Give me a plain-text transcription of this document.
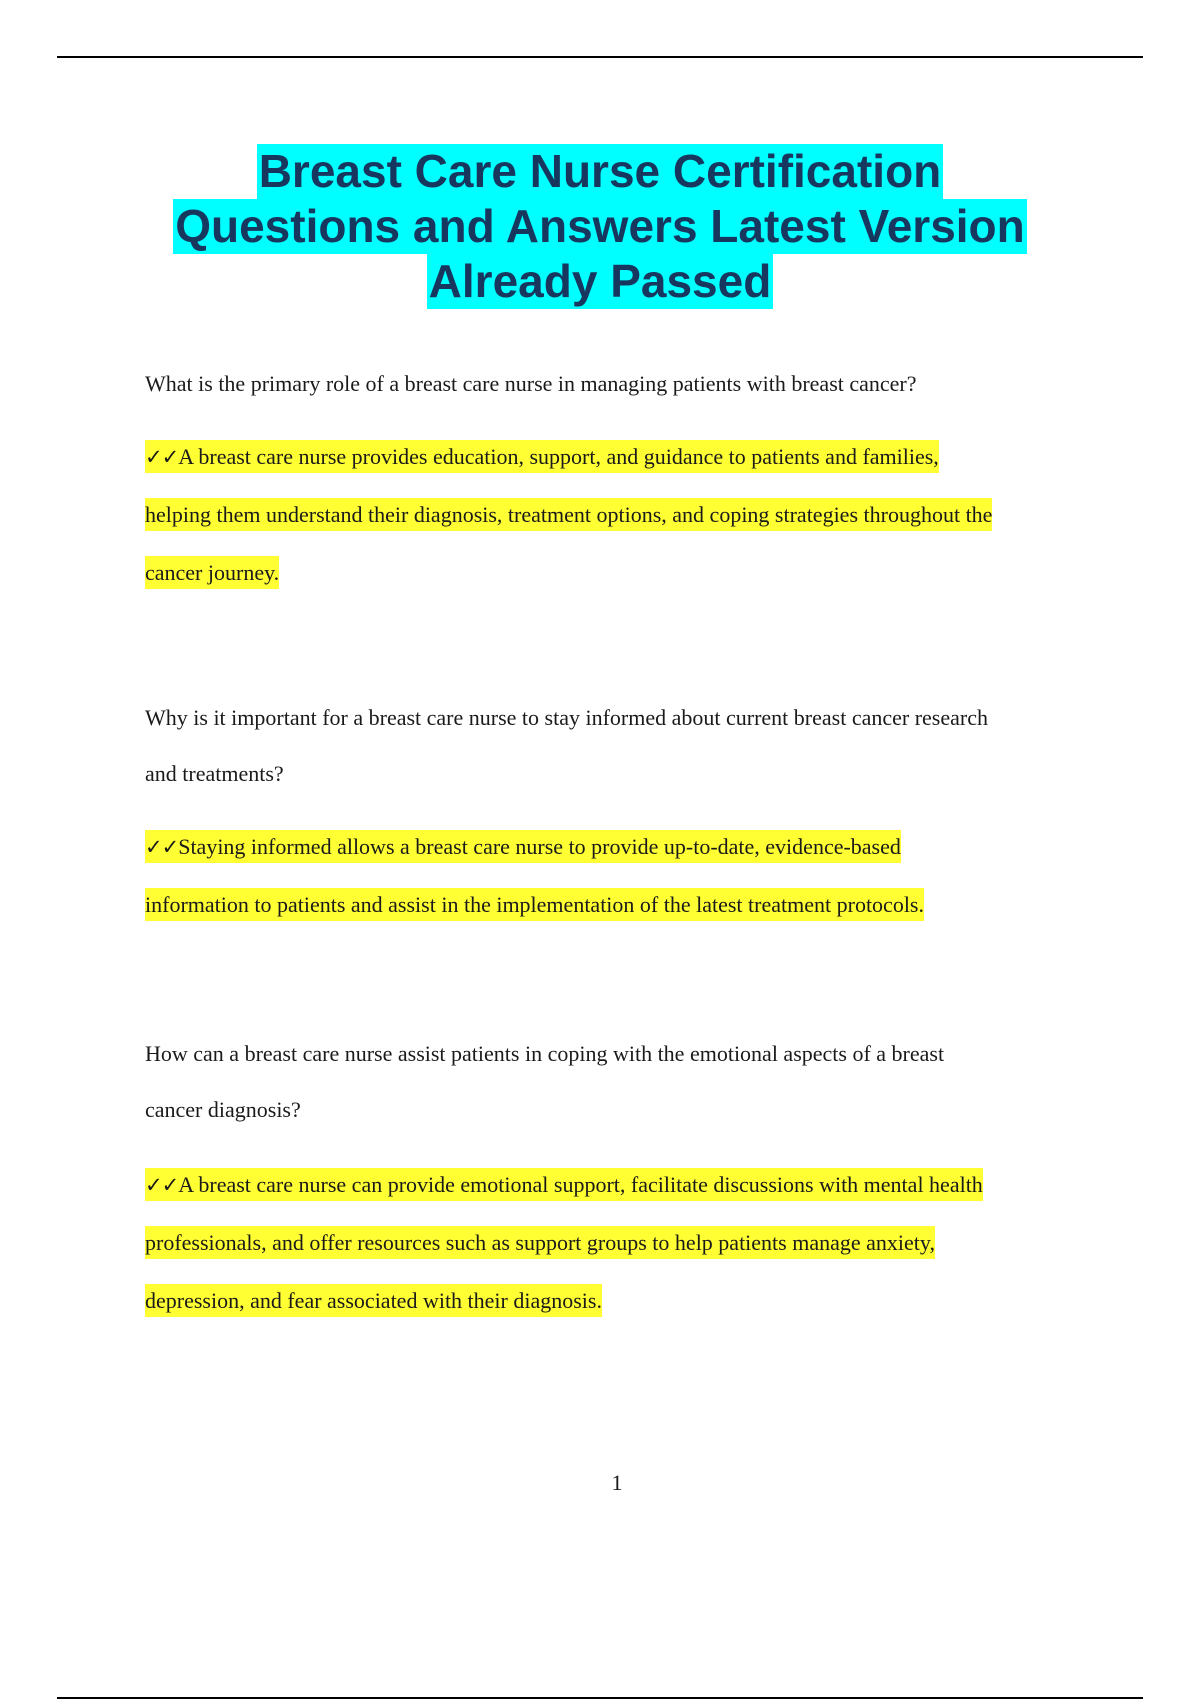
Breast Care Nurse Certification
Questions and Answers Latest Version
Already Passed

What is the primary role of a breast care nurse in managing patients with breast cancer?

✓✓A breast care nurse provides education, support, and guidance to patients and families,
helping them understand their diagnosis, treatment options, and coping strategies throughout the
cancer journey.

Why is it important for a breast care nurse to stay informed about current breast cancer research
and treatments?

✓✓Staying informed allows a breast care nurse to provide up-to-date, evidence-based
information to patients and assist in the implementation of the latest treatment protocols.

How can a breast care nurse assist patients in coping with the emotional aspects of a breast
cancer diagnosis?

✓✓A breast care nurse can provide emotional support, facilitate discussions with mental health
professionals, and offer resources such as support groups to help patients manage anxiety,
depression, and fear associated with their diagnosis.

1
